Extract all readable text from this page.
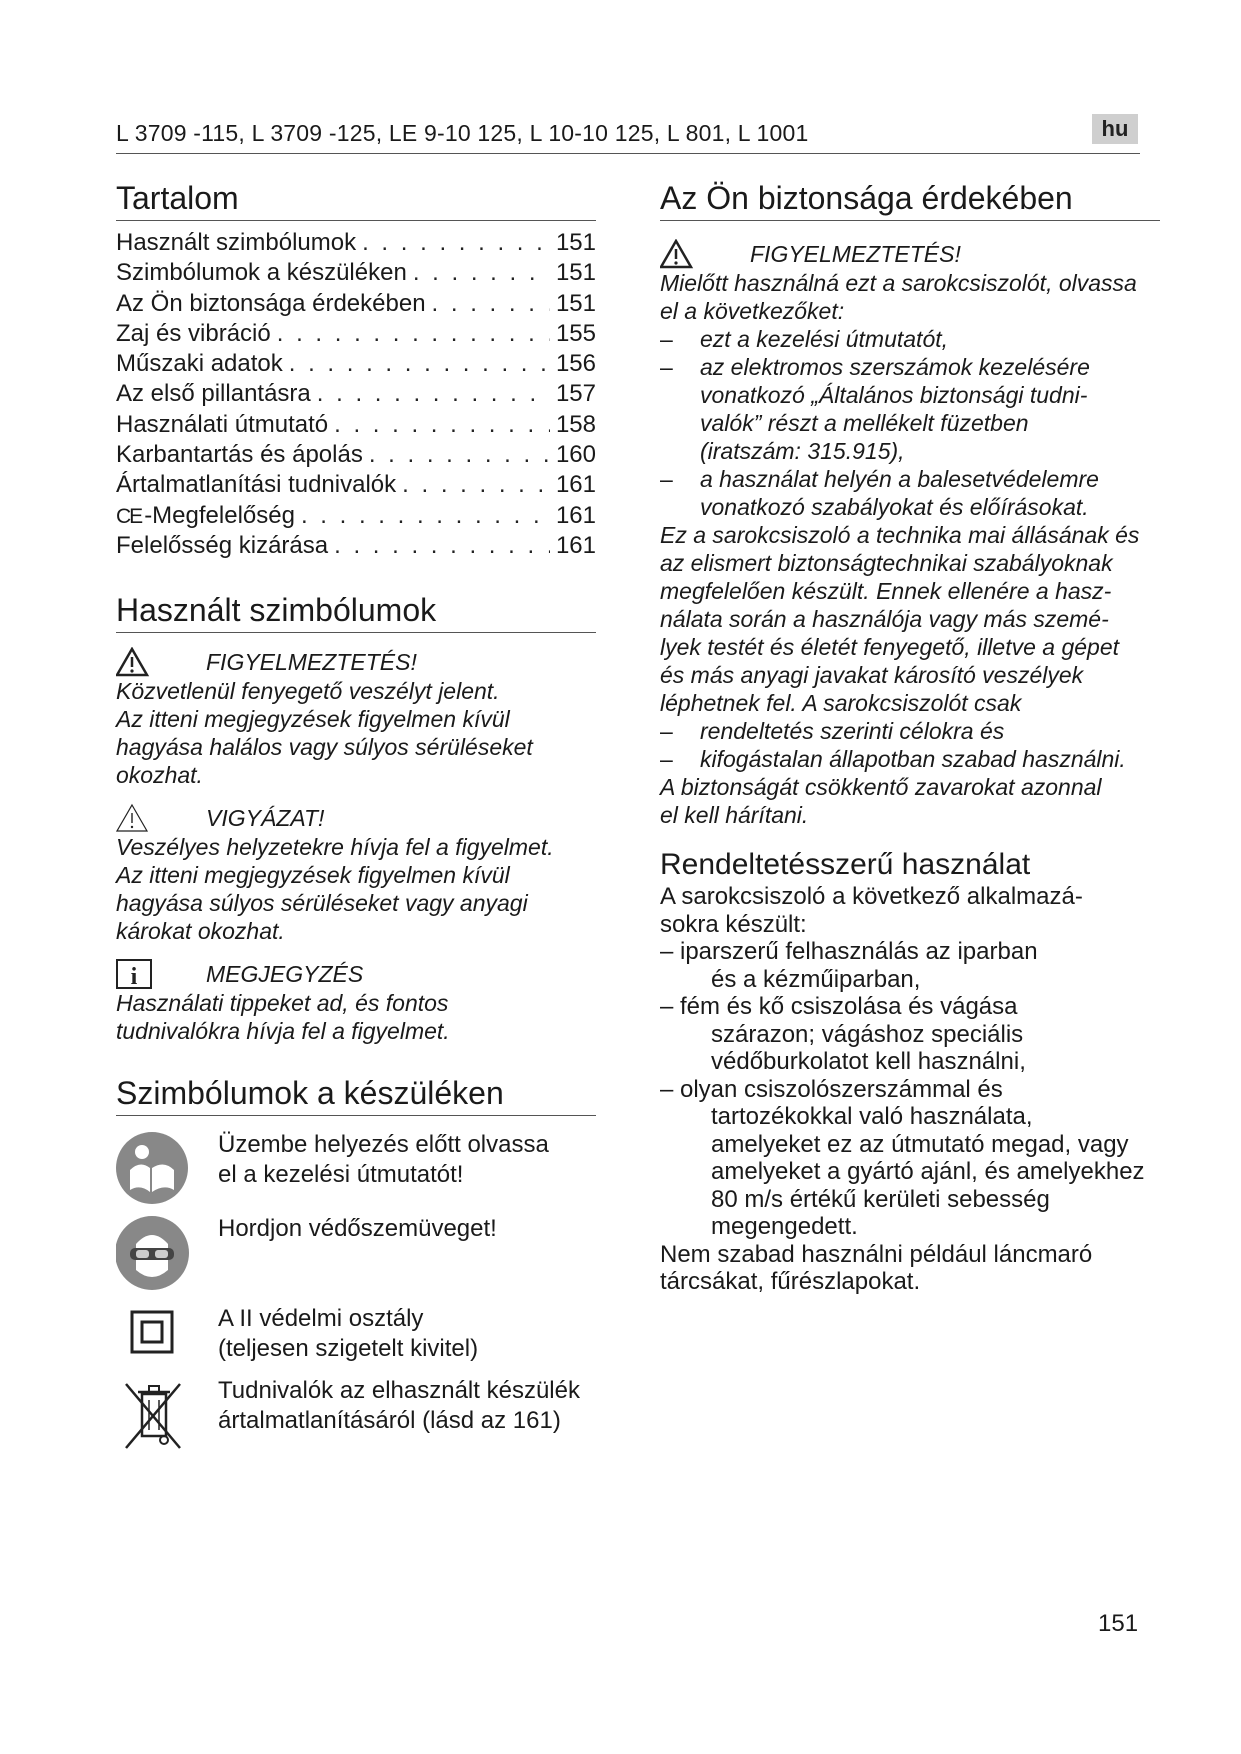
L 3709 -115, L 3709 -125, LE 9-10 125, L 10-10 125, L 801, L 1001	hu
Tartalom
Használt szimbólumok . . .	151
Szimbólumok a készüléken . . .	151
Az Ön biztonsága érdekében . . .	151
Zaj és vibráció . . .	155
Műszaki adatok . . .	156
Az első pillantásra . . .	157
Használati útmutató . . .	158
Karbantartás és ápolás . . .	160
Ártalmatlanítási tudnivalók . . .	161
CE -Megfelelőség . . .	161
Felelősség kizárása . . .	161
Használt szimbólumok
FIGYELMEZTETÉS!
Közvetlenül fenyegető veszélyt jelent.
Az itteni megjegyzések figyelmen kívül
hagyása halálos vagy súlyos sérüléseket
okozhat.
VIGYÁZAT!
Veszélyes helyzetekre hívja fel a figyelmet.
Az itteni megjegyzések figyelmen kívül
hagyása súlyos sérüléseket vagy anyagi
károkat okozhat.
i	MEGJEGYZÉS
Használati tippeket ad, és fontos
tudnivalókra hívja fel a figyelmet.
Szimbólumok a készüléken
Üzembe helyezés előtt olvassa
el a kezelési útmutatót!
Hordjon védőszemüveget!
A II védelmi osztály
(teljesen szigetelt kivitel)
Tudnivalók az elhasznált készülék
ártalmatlanításáról (lásd az 161)
Az Ön biztonsága érdekében
FIGYELMEZTETÉS!
Mielőtt használná ezt a sarokcsiszolót, olvassa
el a következőket:
–	ezt a kezelési útmutatót,
–	az elektromos szerszámok kezelésére
vonatkozó „Általános biztonsági tudni-
valók” részt a mellékelt füzetben
(iratszám: 315.915),
–	a használat helyén a balesetvédelemre
vonatkozó szabályokat és előírásokat.
Ez a sarokcsiszoló a technika mai állásának és
az elismert biztonságtechnikai szabályoknak
megfelelően készült. Ennek ellenére a hasz-
nálata során a használója vagy más szemé-
lyek testét és életét fenyegető, illetve a gépet
és más anyagi javakat károsító veszélyek
léphetnek fel. A sarokcsiszolót csak
–	rendeltetés szerinti célokra és
–	kifogástalan állapotban szabad használni.
A biztonságát csökkentő zavarokat azonnal
el kell hárítani.
Rendeltetésszerű használat
A sarokcsiszoló a következő alkalmazá-
sokra készült:
– iparszerű felhasználás az iparban
és a kézműiparban,
– fém és kő csiszolása és vágása
szárazon; vágáshoz speciális
védőburkolatot kell használni,
– olyan csiszolószerszámmal és
tartozékokkal való használata,
amelyeket ez az útmutató megad, vagy
amelyeket a gyártó ajánl, és amelyekhez
80 m/s értékű kerületi sebesség
megengedett.
Nem szabad használni például láncmaró
tárcsákat, fűrészlapokat.
151
